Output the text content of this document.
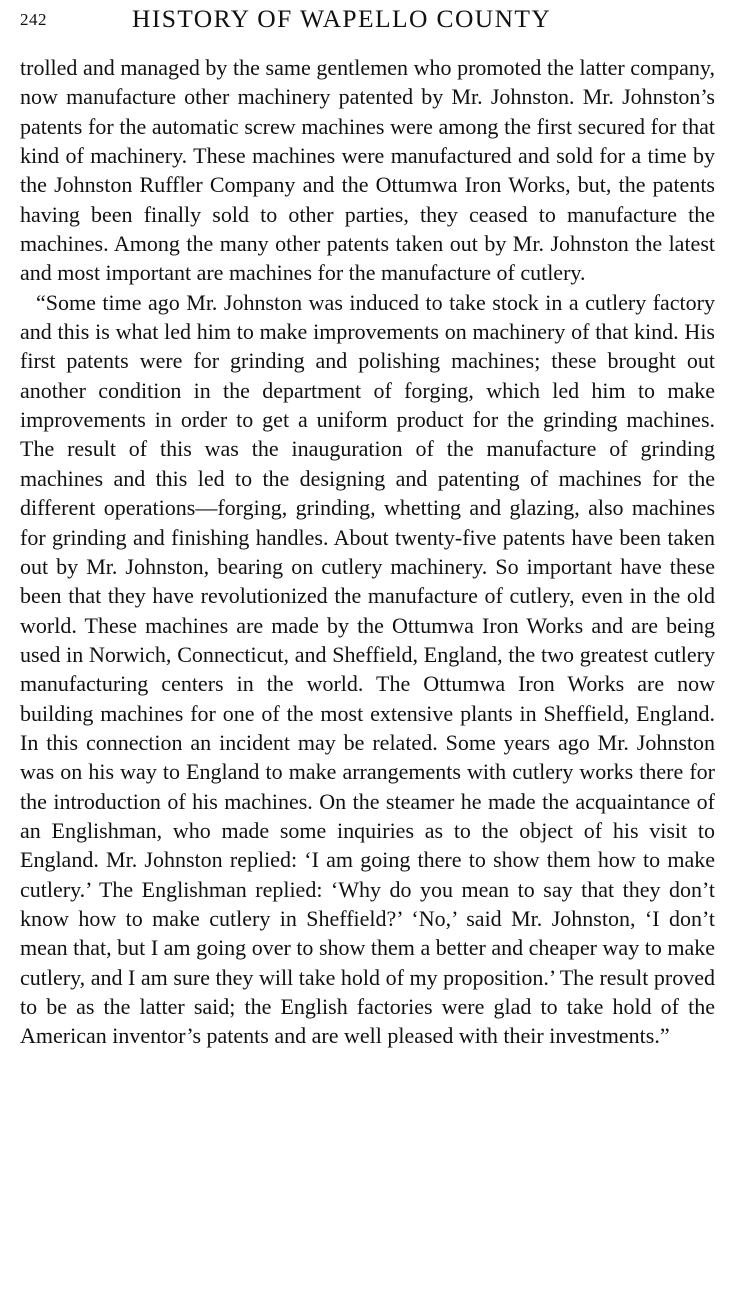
242	HISTORY OF WAPELLO COUNTY

trolled and managed by the same gentlemen who promoted the latter company, now manufacture other machinery patented by Mr. Johnston. Mr. Johnston’s patents for the automatic screw machines were among the first secured for that kind of machinery. These machines were manufactured and sold for a time by the Johnston Ruffler Company and the Ottumwa Iron Works, but, the patents having been finally sold to other parties, they ceased to manufacture the machines. Among the many other patents taken out by Mr. Johnston the latest and most important are machines for the manufacture of cutlery.

“Some time ago Mr. Johnston was induced to take stock in a cutlery factory and this is what led him to make improvements on machinery of that kind. His first patents were for grinding and polishing machines; these brought out another condition in the department of forging, which led him to make improvements in order to get a uniform product for the grinding machines. The result of this was the inauguration of the manufacture of grinding machines and this led to the designing and patenting of machines for the different operations—forging, grinding, whetting and glazing, also machines for grinding and finishing handles. About twenty-five patents have been taken out by Mr. Johnston, bearing on cutlery machinery. So important have these been that they have revolutionized the manufacture of cutlery, even in the old world. These machines are made by the Ottumwa Iron Works and are being used in Norwich, Connecticut, and Sheffield, England, the two greatest cutlery manufacturing centers in the world. The Ottumwa Iron Works are now building machines for one of the most extensive plants in Sheffield, England. In this connection an incident may be related. Some years ago Mr. Johnston was on his way to England to make arrangements with cutlery works there for the introduction of his machines. On the steamer he made the acquaintance of an Englishman, who made some inquiries as to the object of his visit to England. Mr. Johnston replied: ‘I am going there to show them how to make cutlery.’ The Englishman replied: ‘Why do you mean to say that they don’t know how to make cutlery in Sheffield?’ ‘No,’ said Mr. Johnston, ‘I don’t mean that, but I am going over to show them a better and cheaper way to make cutlery, and I am sure they will take hold of my proposition.’ The result proved to be as the latter said; the English factories were glad to take hold of the American inventor’s patents and are well pleased with their investments.”
